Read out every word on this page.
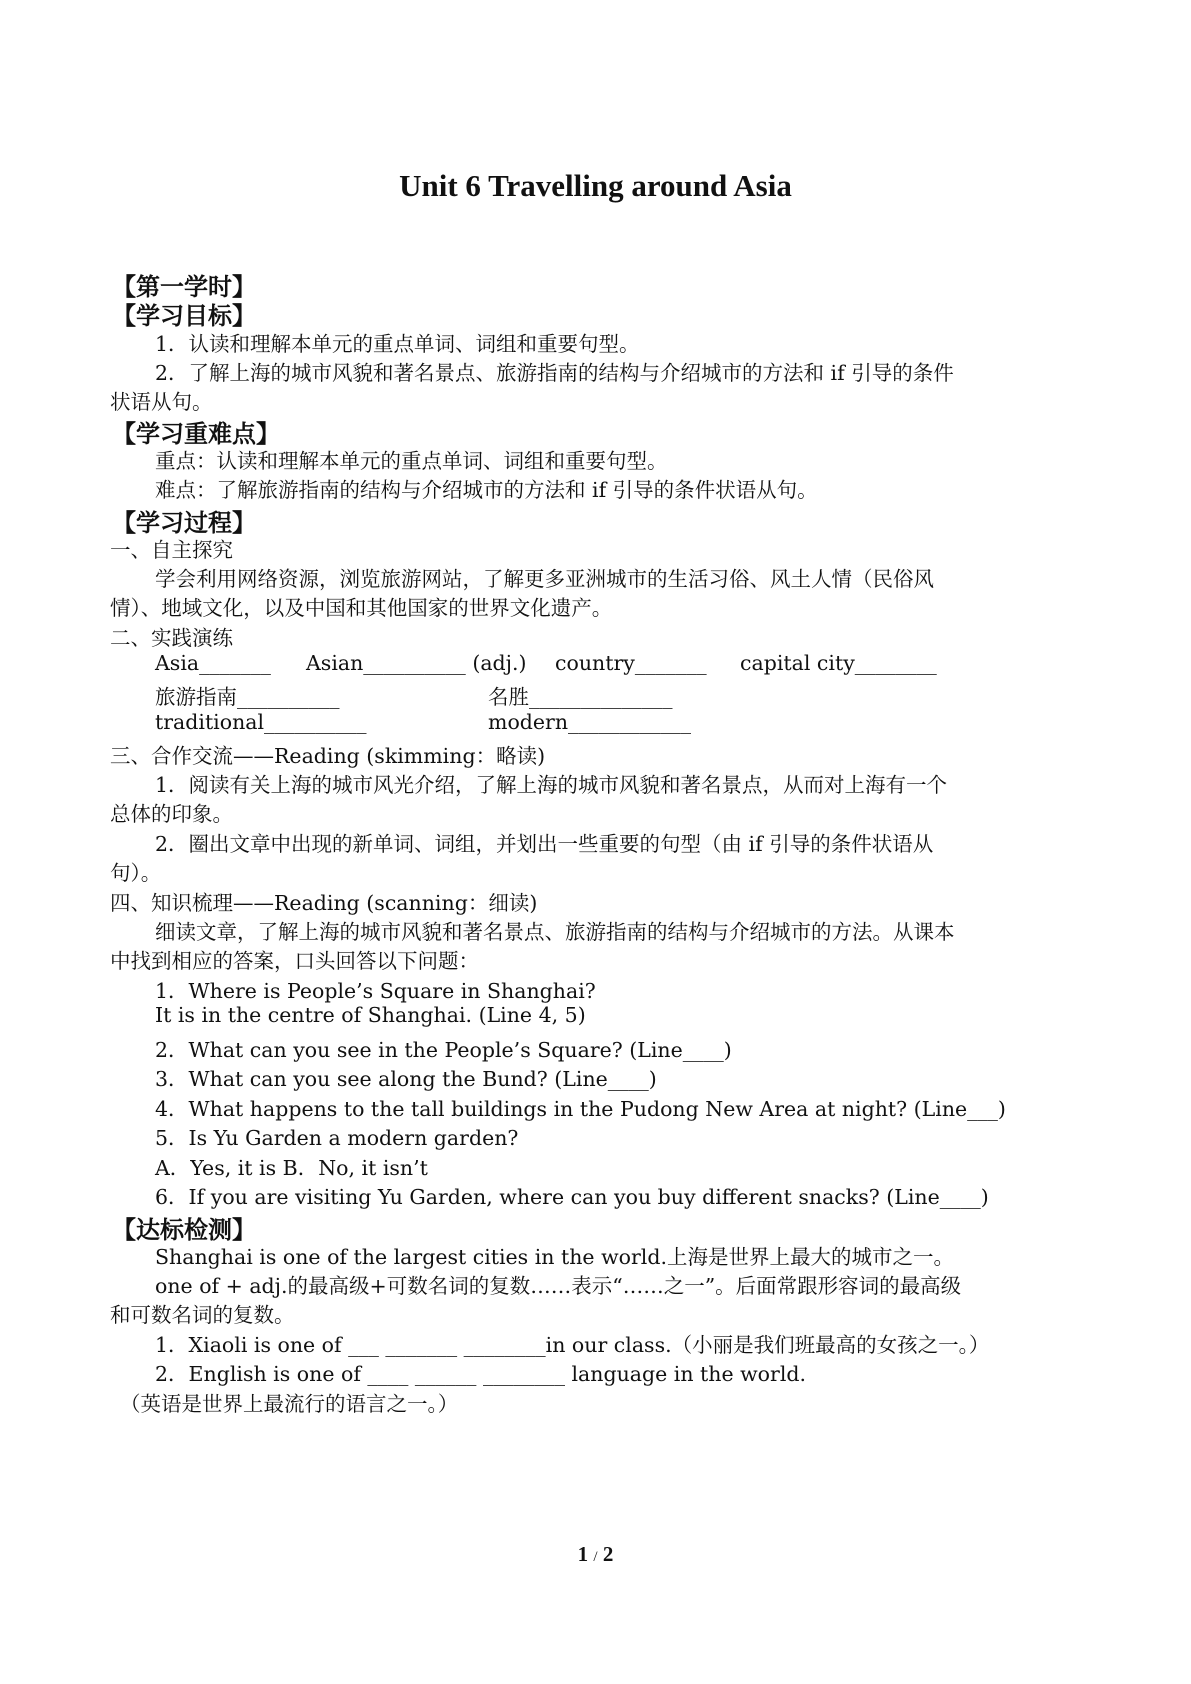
Unit 6 Travelling around Asia
【第一学时】
【学习目标】
1．认读和理解本单元的重点单词、词组和重要句型。
2．了解上海的城市风貌和著名景点、旅游指南的结构与介绍城市的方法和 if 引导的条件
状语从句。
【学习重难点】
重点：认读和理解本单元的重点单词、词组和重要句型。
难点：了解旅游指南的结构与介绍城市的方法和 if 引导的条件状语从句。
【学习过程】
一、自主探究
学会利用网络资源，浏览旅游网站，了解更多亚洲城市的生活习俗、风土人情（民俗风
情）、地域文化，以及中国和其他国家的世界文化遗产。
二、实践演练
Asia_______ Asian__________ (adj.) country_______ capital city________
旅游指南__________	名胜______________
traditional__________	modern____________
三、合作交流——Reading (skimming：略读)
1．阅读有关上海的城市风光介绍，了解上海的城市风貌和著名景点，从而对上海有一个
总体的印象。
2．圈出文章中出现的新单词、词组，并划出一些重要的句型（由 if 引导的条件状语从
句）。
四、知识梳理——Reading (scanning：细读)
细读文章，了解上海的城市风貌和著名景点、旅游指南的结构与介绍城市的方法。从课本
中找到相应的答案，口头回答以下问题：
1．Where is People’s Square in Shanghai?
It is in the centre of Shanghai. (Line 4, 5)
2．What can you see in the People’s Square? (Line____)
3．What can you see along the Bund? (Line____)
4．What happens to the tall buildings in the Pudong New Area at night? (Line___)
5．Is Yu Garden a modern garden?
A．Yes, it is B．No, it isn’t
6．If you are visiting Yu Garden, where can you buy different snacks? (Line____)
【达标检测】
Shanghai is one of the largest cities in the world.上海是世界上最大的城市之一。
one of + adj.的最高级+可数名词的复数……表示“……之一”。后面常跟形容词的最高级
和可数名词的复数。
1．Xiaoli is one of ___ _______ ________in our class.（小丽是我们班最高的女孩之一。）
2．English is one of ____ ______ ________ language in the world.
（英语是世界上最流行的语言之一。）
1 / 2
